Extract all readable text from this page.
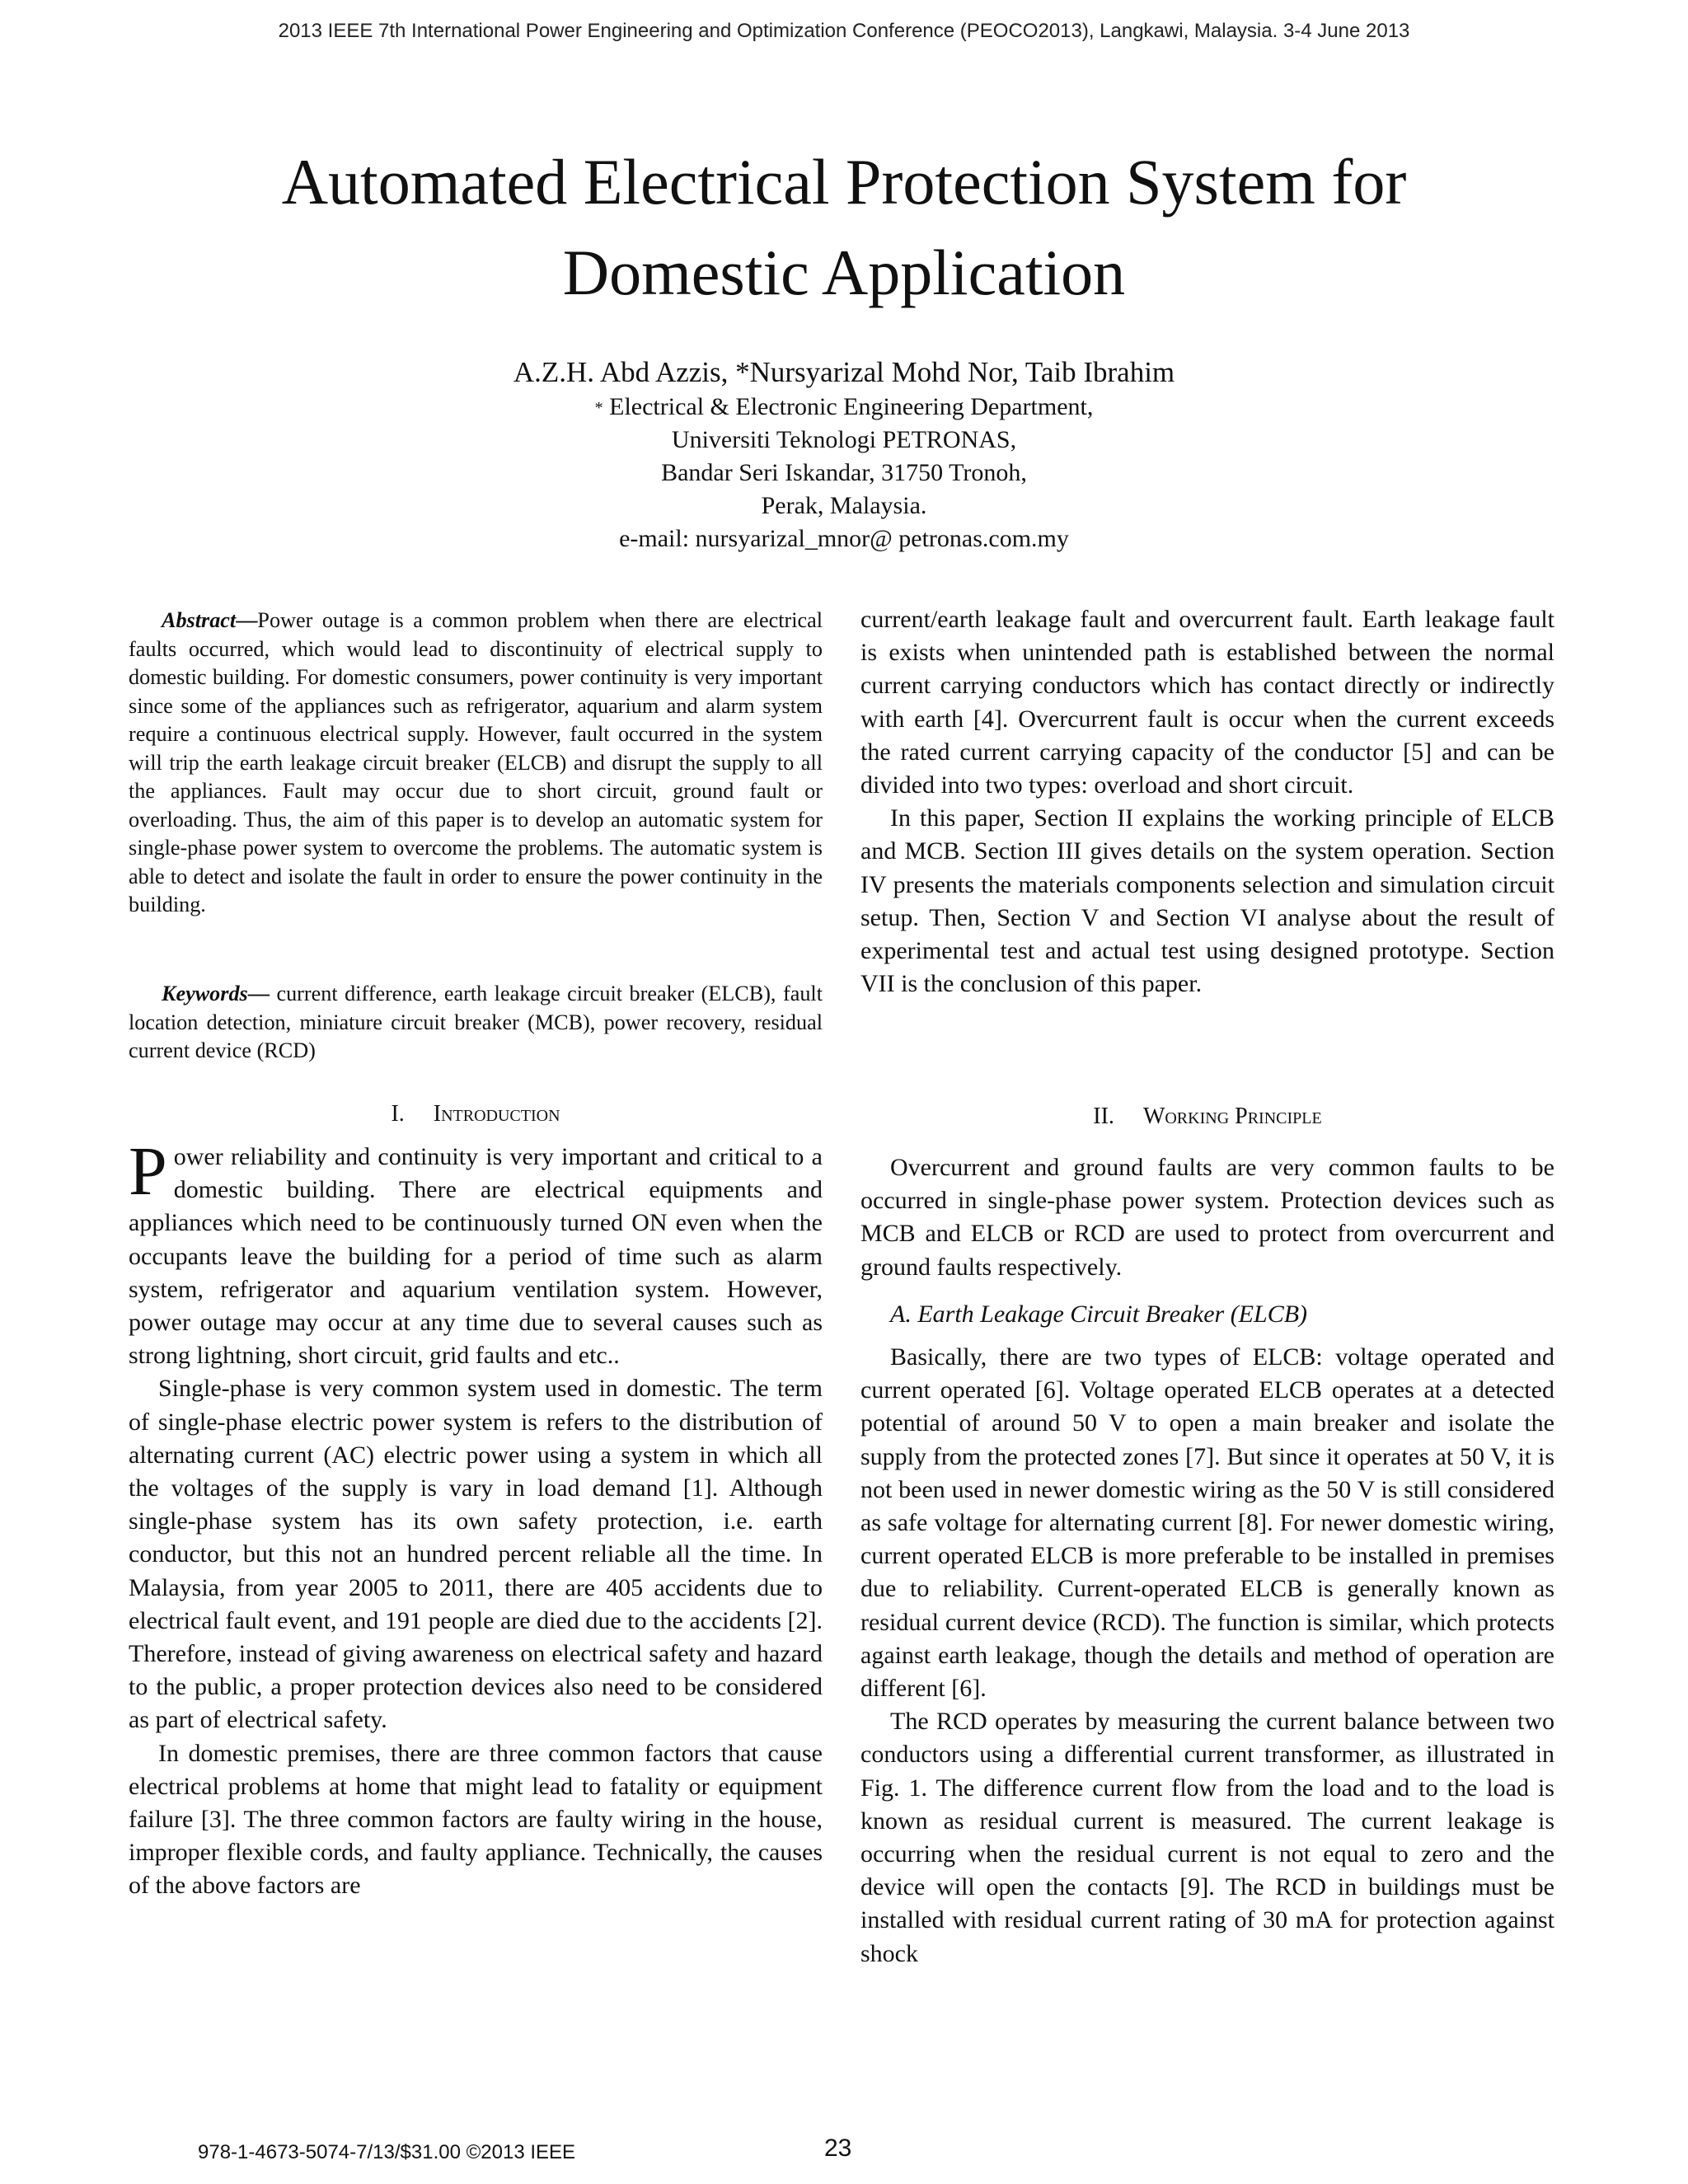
2013 IEEE 7th International Power Engineering and Optimization Conference (PEOCO2013), Langkawi, Malaysia. 3-4 June 2013
Automated Electrical Protection System for
Domestic Application
A.Z.H. Abd Azzis, *Nursyarizal Mohd Nor, Taib Ibrahim
* Electrical & Electronic Engineering Department,
Universiti Teknologi PETRONAS,
Bandar Seri Iskandar, 31750 Tronoh,
Perak, Malaysia.
e-mail: nursyarizal_mnor@ petronas.com.my

Abstract—Power outage is a common problem when there are electrical faults occurred, which would lead to discontinuity of electrical supply to domestic building. For domestic consumers, power continuity is very important since some of the appliances such as refrigerator, aquarium and alarm system require a continuous electrical supply. However, fault occurred in the system will trip the earth leakage circuit breaker (ELCB) and disrupt the supply to all the appliances. Fault may occur due to short circuit, ground fault or overloading. Thus, the aim of this paper is to develop an automatic system for single-phase power system to overcome the problems. The automatic system is able to detect and isolate the fault in order to ensure the power continuity in the building.

Keywords— current difference, earth leakage circuit breaker (ELCB), fault location detection, miniature circuit breaker (MCB), power recovery, residual current device (RCD)

I. Introduction

Power reliability and continuity is very important and critical to a domestic building. There are electrical equipments and appliances which need to be continuously turned ON even when the occupants leave the building for a period of time such as alarm system, refrigerator and aquarium ventilation system. However, power outage may occur at any time due to several causes such as strong lightning, short circuit, grid faults and etc..

Single-phase is very common system used in domestic. The term of single-phase electric power system is refers to the distribution of alternating current (AC) electric power using a system in which all the voltages of the supply is vary in load demand [1]. Although single-phase system has its own safety protection, i.e. earth conductor, but this not an hundred percent reliable all the time. In Malaysia, from year 2005 to 2011, there are 405 accidents due to electrical fault event, and 191 people are died due to the accidents [2]. Therefore, instead of giving awareness on electrical safety and hazard to the public, a proper protection devices also need to be considered as part of electrical safety.

In domestic premises, there are three common factors that cause electrical problems at home that might lead to fatality or equipment failure [3]. The three common factors are faulty wiring in the house, improper flexible cords, and faulty appliance. Technically, the causes of the above factors are

current/earth leakage fault and overcurrent fault. Earth leakage fault is exists when unintended path is established between the normal current carrying conductors which has contact directly or indirectly with earth [4]. Overcurrent fault is occur when the current exceeds the rated current carrying capacity of the conductor [5] and can be divided into two types: overload and short circuit.

In this paper, Section II explains the working principle of ELCB and MCB. Section III gives details on the system operation. Section IV presents the materials components selection and simulation circuit setup. Then, Section V and Section VI analyse about the result of experimental test and actual test using designed prototype. Section VII is the conclusion of this paper.

II. Working Principle

Overcurrent and ground faults are very common faults to be occurred in single-phase power system. Protection devices such as MCB and ELCB or RCD are used to protect from overcurrent and ground faults respectively.

A. Earth Leakage Circuit Breaker (ELCB)

Basically, there are two types of ELCB: voltage operated and current operated [6]. Voltage operated ELCB operates at a detected potential of around 50 V to open a main breaker and isolate the supply from the protected zones [7]. But since it operates at 50 V, it is not been used in newer domestic wiring as the 50 V is still considered as safe voltage for alternating current [8]. For newer domestic wiring, current operated ELCB is more preferable to be installed in premises due to reliability. Current-operated ELCB is generally known as residual current device (RCD). The function is similar, which protects against earth leakage, though the details and method of operation are different [6].

The RCD operates by measuring the current balance between two conductors using a differential current transformer, as illustrated in Fig. 1. The difference current flow from the load and to the load is known as residual current is measured. The current leakage is occurring when the residual current is not equal to zero and the device will open the contacts [9]. The RCD in buildings must be installed with residual current rating of 30 mA for protection against shock

978-1-4673-5074-7/13/$31.00 ©2013 IEEE	23
